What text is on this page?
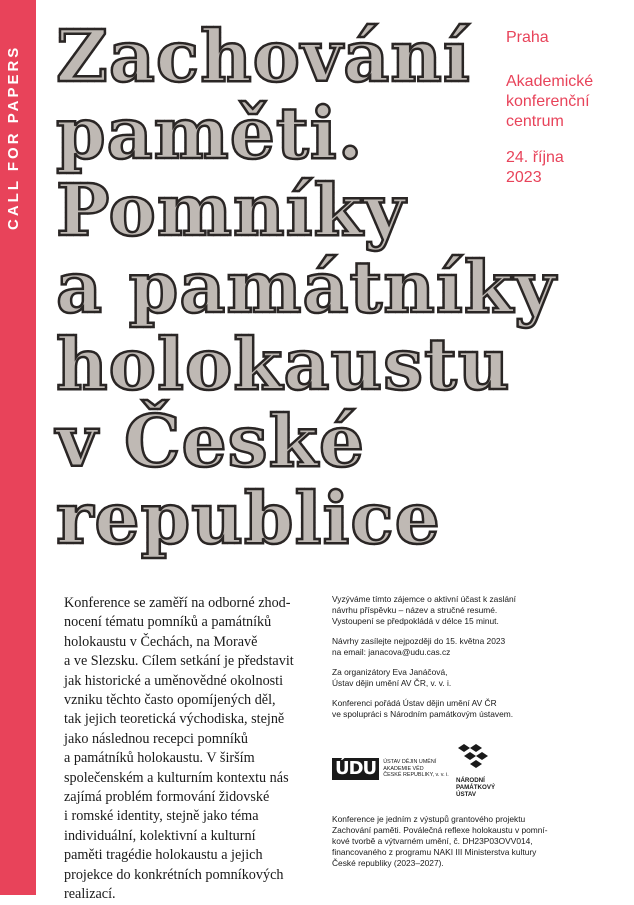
CALL FOR PAPERS Zachování
paměti.
Pomníky
a památníky
holokaustu
v České
republice
Praha
Akademické
konferenční
centrum
24. října
2023

Konference se zaměří na odborné zhod-
nocení tématu pomníků a památníků
holokaustu v Čechách, na Moravě
a ve Slezsku. Cílem setkání je představit
jak historické a uměnovědné okolnosti
vzniku těchto často opomíjených děl,
tak jejich teoretická východiska, stejně
jako následnou recepci pomníků
a památníků holokaustu. V širším
společenském a kulturním kontextu nás
zajímá problém formování židovské
i romské identity, stejně jako téma
individuální, kolektivní a kulturní
paměti tragédie holokaustu a jejich
projekce do konkrétních pomníkových
realizací.

Vyzýváme tímto zájemce o aktivní účast k zaslání
návrhu příspěvku – název a stručné resumé.
Vystoupení se předpokládá v délce 15 minut.
Návrhy zasílejte nejpozději do 15. května 2023
na email: janacova@udu.cas.cz
Za organizátory Eva Janáčová,
Ústav dějin umění AV ČR, v. v. i.
Konferenci pořádá Ústav dějin umění AV ČR
ve spolupráci s Národním památkovým ústavem.
ÚDU	ÚSTAV DĚJIN UMĚNÍ
AKADEMIE VĚD
ČESKÉ REPUBLIKY, v. v. i.
NÁRODNÍ
PAMÁTKOVÝ
ÚSTAV
Konference je jedním z výstupů grantového projektu
Zachování paměti. Poválečná reflexe holokaustu v pomní-
kové tvorbě a výtvarném umění, č. DH23P03OVV014,
financovaného z programu NAKI III Ministerstva kultury
České republiky (2023–2027).
